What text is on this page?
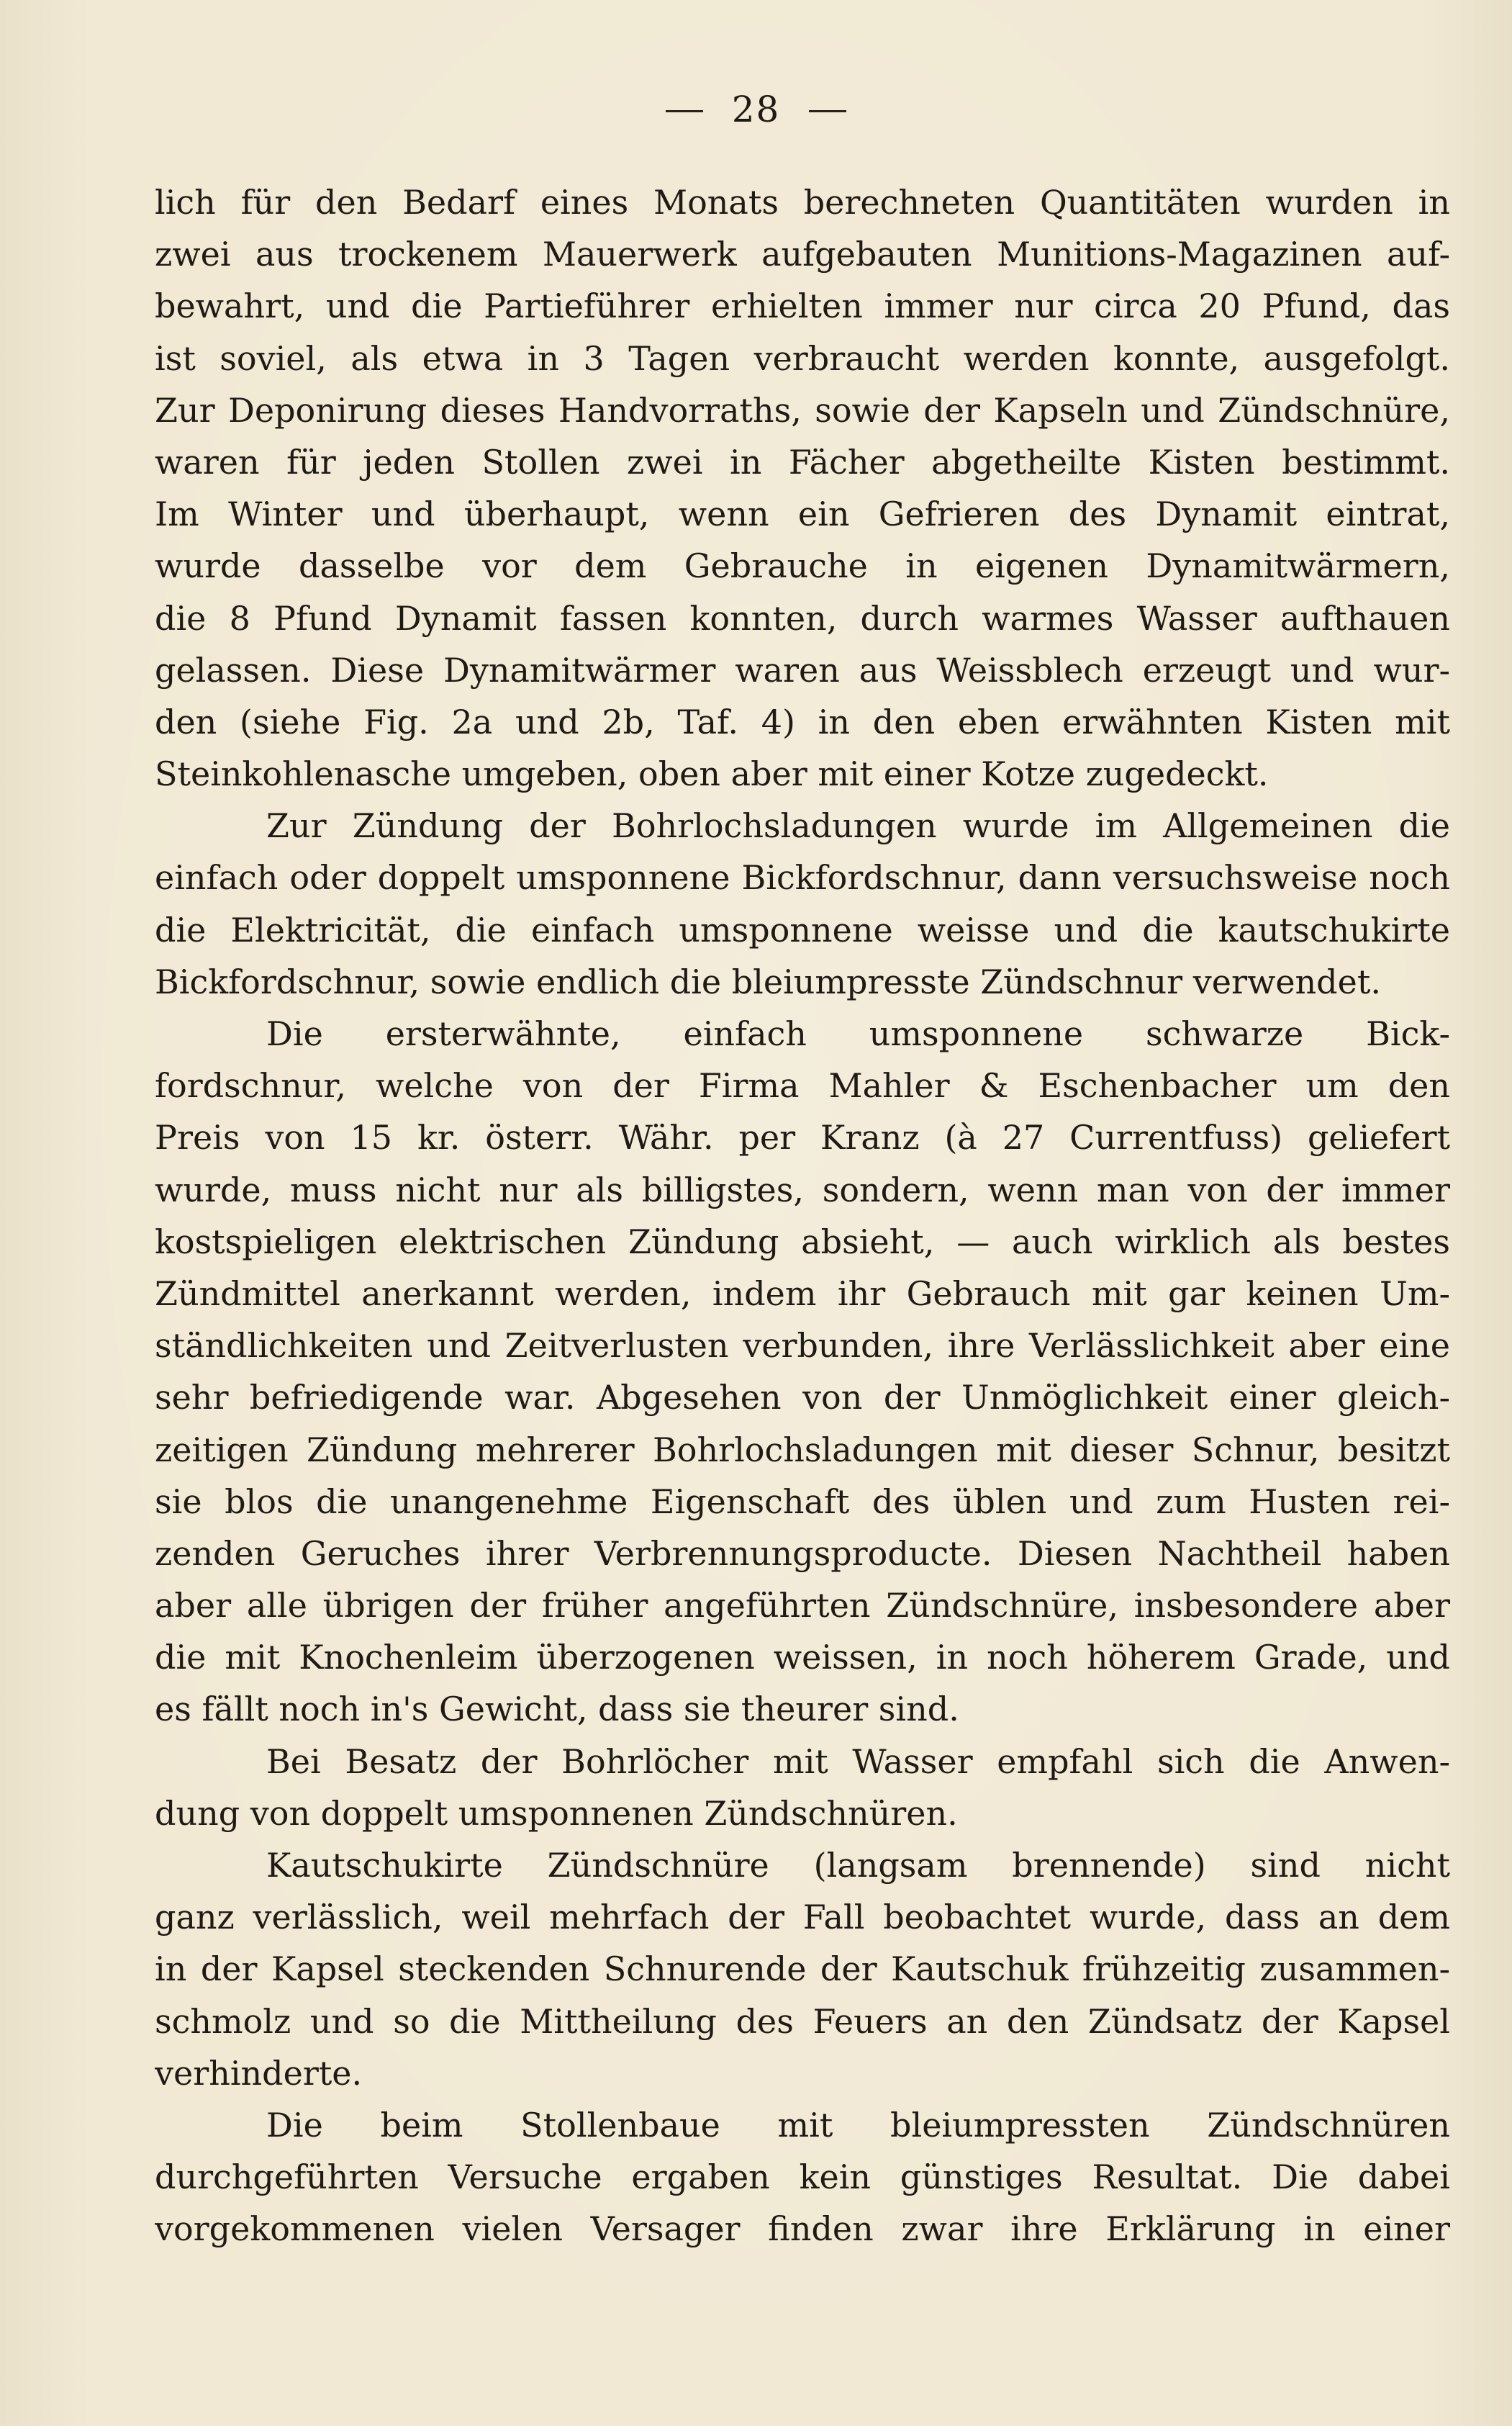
28
lich für den Bedarf eines Monats berechneten Quantitäten wurden in
zwei aus trockenem Mauerwerk aufgebauten Munitions-Magazinen auf-
bewahrt, und die Partieführer erhielten immer nur circa 20 Pfund, das
ist soviel, als etwa in 3 Tagen verbraucht werden konnte, ausgefolgt.
Zur Deponirung dieses Handvorraths, sowie der Kapseln und Zündschnüre,
waren für jeden Stollen zwei in Fächer abgetheilte Kisten bestimmt.
Im Winter und überhaupt, wenn ein Gefrieren des Dynamit eintrat,
wurde dasselbe vor dem Gebrauche in eigenen Dynamitwärmern,
die 8 Pfund Dynamit fassen konnten, durch warmes Wasser aufthauen
gelassen. Diese Dynamitwärmer waren aus Weissblech erzeugt und wur-
den (siehe Fig. 2a und 2b, Taf. 4) in den eben erwähnten Kisten mit
Steinkohlenasche umgeben, oben aber mit einer Kotze zugedeckt.
Zur Zündung der Bohrlochsladungen wurde im Allgemeinen die
einfach oder doppelt umsponnene Bickfordschnur, dann versuchsweise noch
die Elektricität, die einfach umsponnene weisse und die kautschukirte
Bickfordschnur, sowie endlich die bleiumpresste Zündschnur verwendet.
Die ersterwähnte, einfach umsponnene schwarze Bick-
fordschnur, welche von der Firma Mahler & Eschenbacher um den
Preis von 15 kr. österr. Währ. per Kranz (à 27 Currentfuss) geliefert
wurde, muss nicht nur als billigstes, sondern, wenn man von der immer
kostspieligen elektrischen Zündung absieht, — auch wirklich als bestes
Zündmittel anerkannt werden, indem ihr Gebrauch mit gar keinen Um-
ständlichkeiten und Zeitverlusten verbunden, ihre Verlässlichkeit aber eine
sehr befriedigende war. Abgesehen von der Unmöglichkeit einer gleich-
zeitigen Zündung mehrerer Bohrlochsladungen mit dieser Schnur, besitzt
sie blos die unangenehme Eigenschaft des üblen und zum Husten rei-
zenden Geruches ihrer Verbrennungsproducte. Diesen Nachtheil haben
aber alle übrigen der früher angeführten Zündschnüre, insbesondere aber
die mit Knochenleim überzogenen weissen, in noch höherem Grade, und
es fällt noch in's Gewicht, dass sie theurer sind.
Bei Besatz der Bohrlöcher mit Wasser empfahl sich die Anwen-
dung von doppelt umsponnenen Zündschnüren.
Kautschukirte Zündschnüre (langsam brennende) sind nicht
ganz verlässlich, weil mehrfach der Fall beobachtet wurde, dass an dem
in der Kapsel steckenden Schnurende der Kautschuk frühzeitig zusammen-
schmolz und so die Mittheilung des Feuers an den Zündsatz der Kapsel
verhinderte.
Die beim Stollenbaue mit bleiumpressten Zündschnüren
durchgeführten Versuche ergaben kein günstiges Resultat. Die dabei
vorgekommenen vielen Versager finden zwar ihre Erklärung in einer
